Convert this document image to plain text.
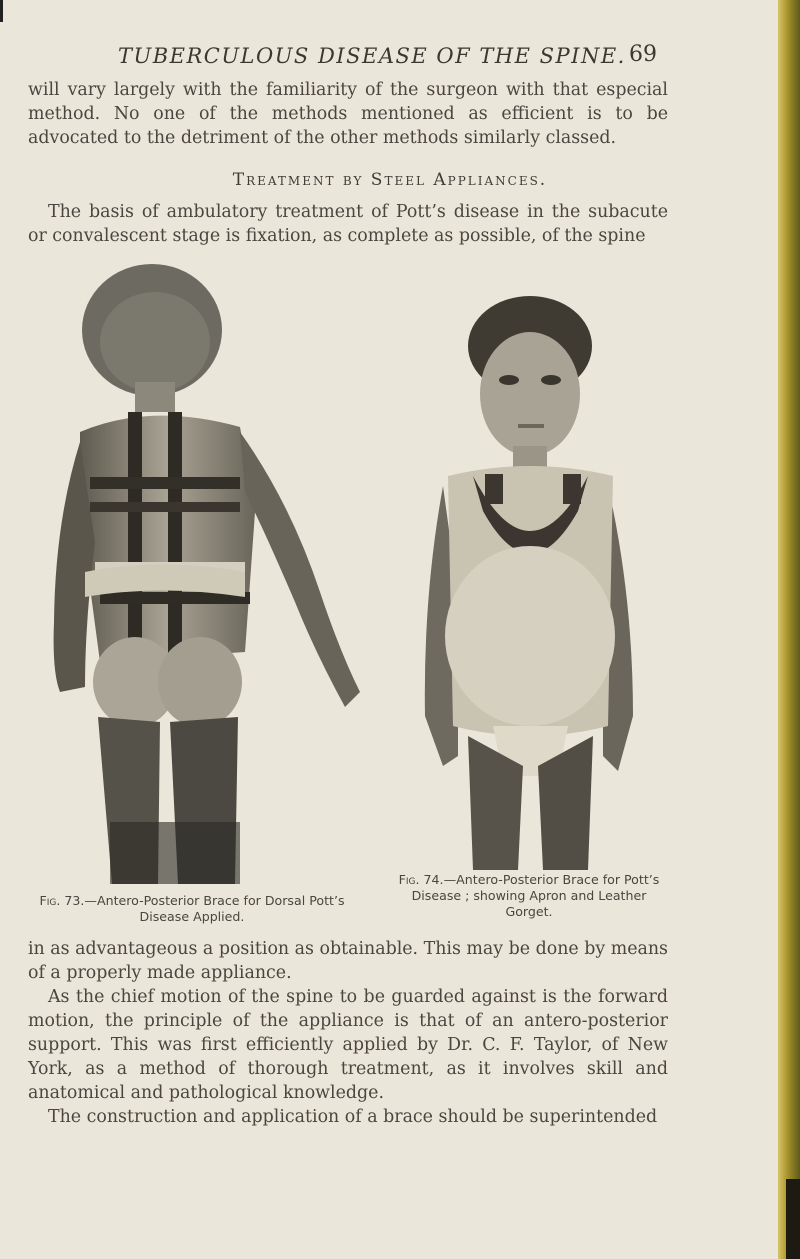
TUBERCULOUS DISEASE OF THE SPINE. 69
will vary largely with the familiarity of the surgeon with that especial method. No one of the methods mentioned as efficient is to be advocated to the detriment of the other methods similarly classed.
Treatment by Steel Appliances.
The basis of ambulatory treatment of Pott’s disease in the subacute or convalescent stage is fixation, as complete as possible, of the spine
Fig. 73.—Antero-Posterior Brace for Dorsal Pott’s Disease Applied.
Fig. 74.—Antero-Posterior Brace for Pott’s Disease ; showing Apron and Leather Gorget.
in as advantageous a position as obtainable. This may be done by means of a properly made appliance.
As the chief motion of the spine to be guarded against is the forward motion, the principle of the appliance is that of an antero-posterior support. This was first efficiently applied by Dr. C. F. Taylor, of New York, as a method of thorough treatment, as it involves skill and anatomical and pathological knowledge.
The construction and application of a brace should be superintended
